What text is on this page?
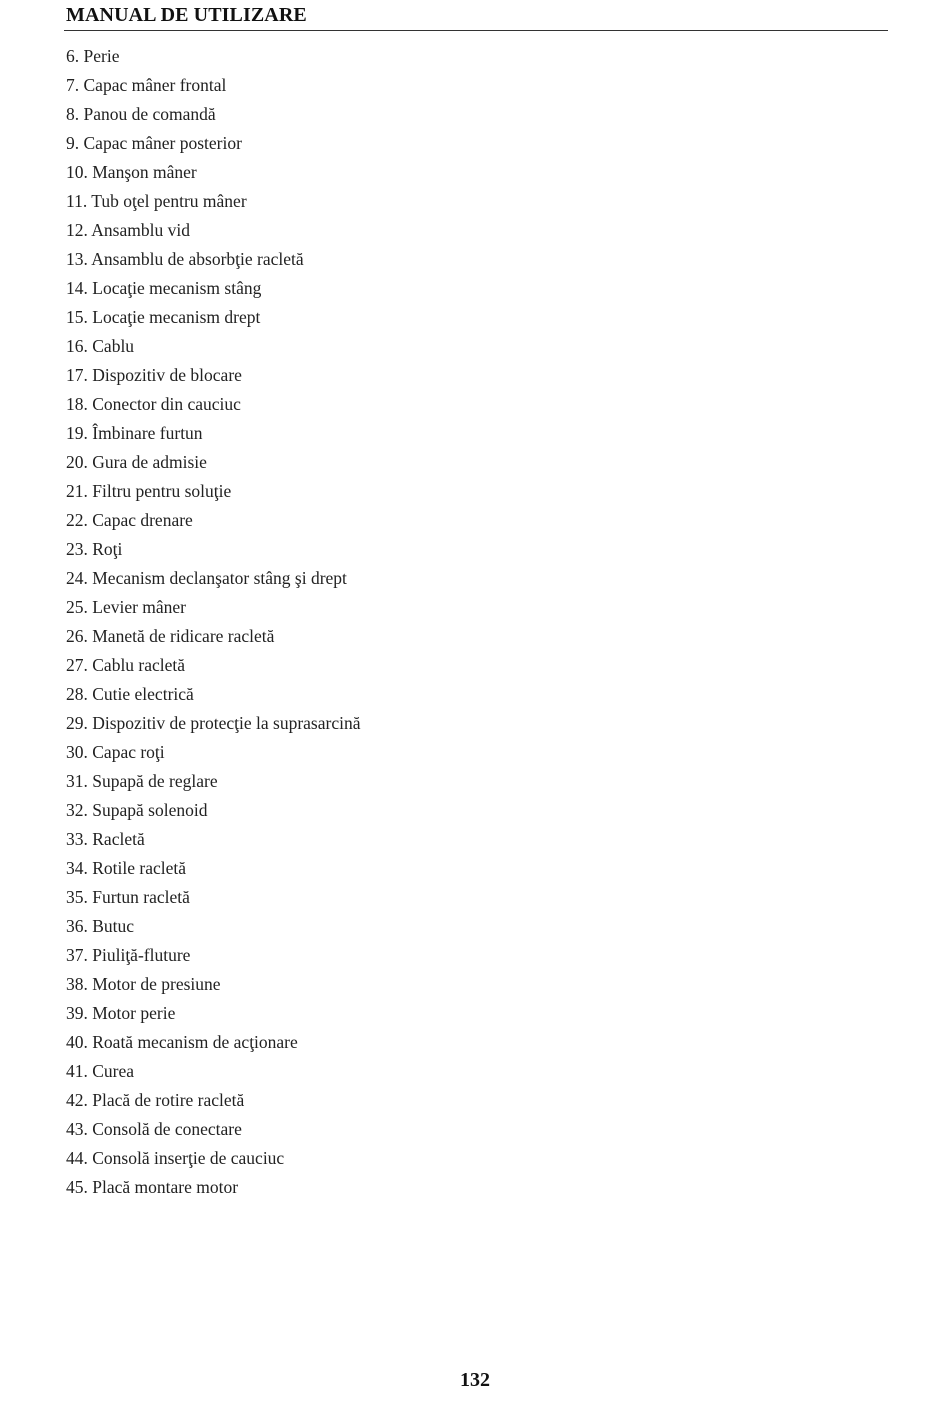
MANUAL DE UTILIZARE
6. Perie
7. Capac mâner frontal
8. Panou de comandă
9. Capac mâner posterior
10. Manşon mâner
11. Tub oţel pentru mâner
12. Ansamblu vid
13. Ansamblu de absorbţie racletă
14. Locaţie mecanism stâng
15. Locaţie mecanism drept
16. Cablu
17. Dispozitiv de blocare
18. Conector din cauciuc
19. Îmbinare furtun
20. Gura de admisie
21. Filtru pentru soluţie
22. Capac drenare
23. Roţi
24. Mecanism declanşator stâng şi drept
25. Levier mâner
26. Manetă de ridicare racletă
27. Cablu racletă
28. Cutie electrică
29. Dispozitiv de protecţie la suprasarcină
30. Capac roţi
31. Supapă de reglare
32. Supapă solenoid
33. Racletă
34. Rotile racletă
35. Furtun racletă
36. Butuc
37. Piuliţă-fluture
38. Motor de presiune
39. Motor perie
40. Roată mecanism de acţionare
41. Curea
42. Placă de rotire racletă
43. Consolă de conectare
44. Consolă inserţie de cauciuc
45. Placă montare motor
132
